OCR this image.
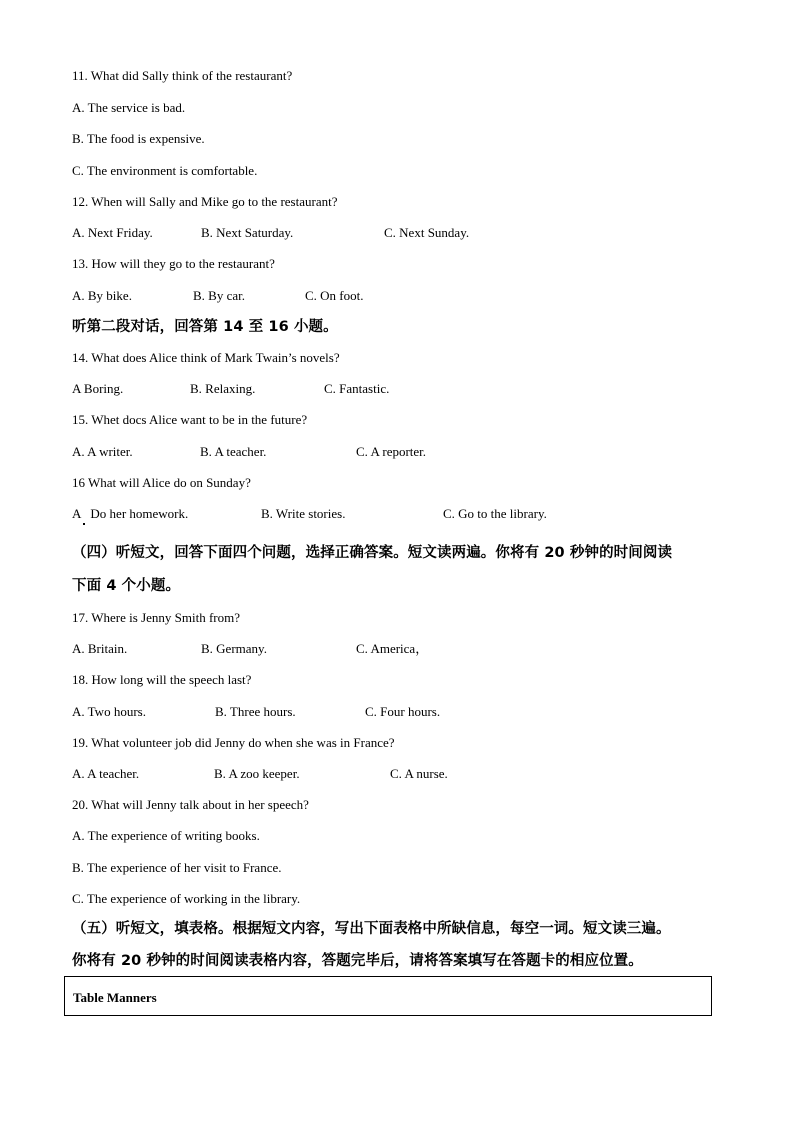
11. What did Sally think of the restaurant?
A. The service is bad.
B. The food is expensive.
C. The environment is comfortable.
12. When will Sally and Mike go to the restaurant?
A. Next Friday.	B. Next Saturday.	C. Next Sunday.
13. How will they go to the restaurant?
A. By bike.	B. By car.	C. On foot.
听第二段对话，回答第 14 至 16 小题。
14. What does Alice think of Mark Twain’s novels?
A Boring.	B. Relaxing.	C. Fantastic.
15. Whet docs Alice want to be in the future?
A. A writer.	B. A teacher.	C. A reporter.
16 What will Alice do on Sunday?
A   Do her homework.	B. Write stories.	C. Go to the library.
（四）听短文，回答下面四个问题，选择正确答案。短文读两遍。你将有 20 秒钟的时间阅读
下面 4 个小题。
17. Where is Jenny Smith from?
A. Britain.	B. Germany.	C. America，
18. How long will the speech last?
A. Two hours.	B. Three hours.	C. Four hours.
19. What volunteer job did Jenny do when she was in France?
A. A teacher.	B. A zoo keeper.	C. A nurse.
20. What will Jenny talk about in her speech?
A. The experience of writing books.
B. The experience of her visit to France.
C. The experience of working in the library.
（五）听短文，填表格。根据短文内容，写出下面表格中所缺信息，每空一词。短文读三遍。
你将有 20 秒钟的时间阅读表格内容，答题完毕后，请将答案填写在答题卡的相应位置。
Table Manners
